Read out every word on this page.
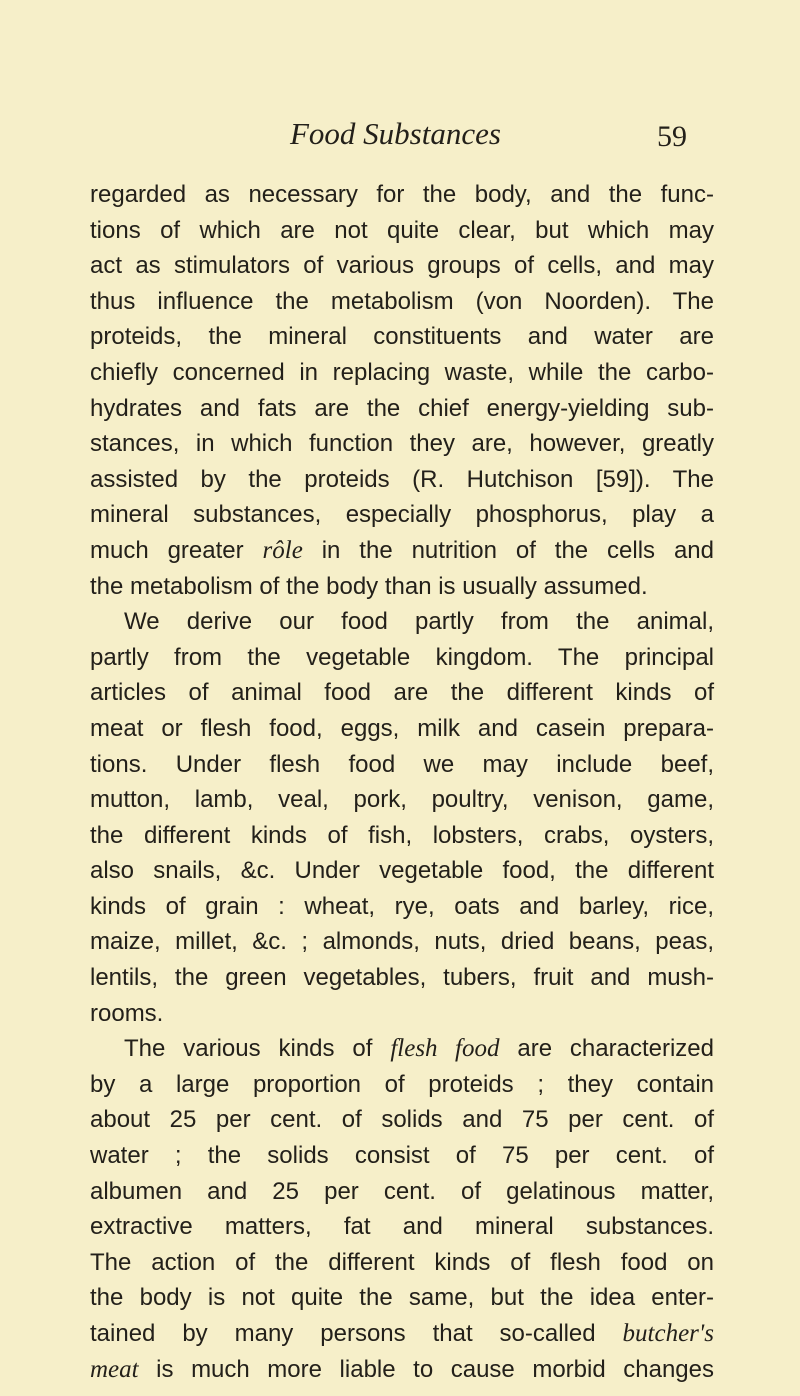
Food Substances	59
regarded as necessary for the body, and the func-
tions of which are not quite clear, but which may
act as stimulators of various groups of cells, and may
thus influence the metabolism (von Noorden). The
proteids, the mineral constituents and water are
chiefly concerned in replacing waste, while the carbo-
hydrates and fats are the chief energy-yielding sub-
stances, in which function they are, however, greatly
assisted by the proteids (R. Hutchison [59]). The
mineral substances, especially phosphorus, play a
much greater rôle in the nutrition of the cells and
the metabolism of the body than is usually assumed.
We derive our food partly from the animal,
partly from the vegetable kingdom. The principal
articles of animal food are the different kinds of
meat or flesh food, eggs, milk and casein prepara-
tions. Under flesh food we may include beef,
mutton, lamb, veal, pork, poultry, venison, game,
the different kinds of fish, lobsters, crabs, oysters,
also snails, &c. Under vegetable food, the different
kinds of grain : wheat, rye, oats and barley, rice,
maize, millet, &c. ; almonds, nuts, dried beans, peas,
lentils, the green vegetables, tubers, fruit and mush-
rooms.
The various kinds of flesh food are characterized
by a large proportion of proteids ; they contain
about 25 per cent. of solids and 75 per cent. of
water ; the solids consist of 75 per cent. of
albumen and 25 per cent. of gelatinous matter,
extractive matters, fat and mineral substances.
The action of the different kinds of flesh food on
the body is not quite the same, but the idea enter-
tained by many persons that so-called butcher's
meat is much more liable to cause morbid changes
